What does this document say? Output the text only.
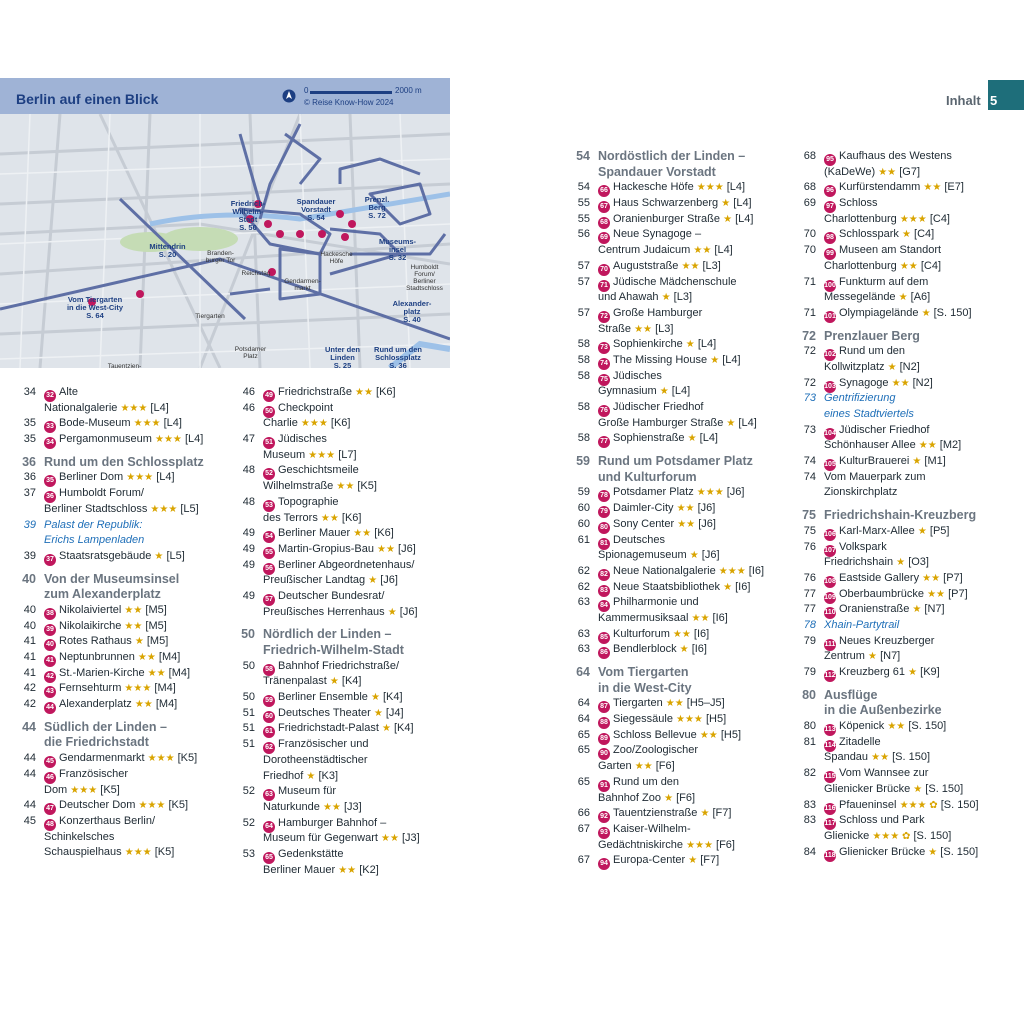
Inhalt 5
Berlin auf einen Blick
0	2000 m
© Reise Know-How 2024
Friedrich-
Wilhelm-
Stadt
S. 50
Spandauer
Vorstadt
S. 54
Prenzl.
Berg
S. 72
Mittendrin
S. 20
Museums-
insel
S. 32
Vom Tiergarten
in die West-City
S. 64
Alexander-
platz
S. 40
Unter den
Linden
S. 25
Rund um den
Schlossplatz
S. 36

Branden-
burger Tor
Reichstag
Gendarmen-
markt
Hackesche
Höfe
Humboldt
Forum/
Berliner
Stadtschloss
Tiergarten
Potsdamer
Platz
Tauentzien-

34 32 Alte
Nationalgalerie ★★★ [L4]
35 33 Bode-Museum ★★★ [L4]
35 34 Pergamonmuseum ★★★ [L4]
36 Rund um den Schlossplatz
36 35 Berliner Dom ★★★ [L4]
37 36 Humboldt Forum/
Berliner Stadtschloss ★★★ [L5]
39 Palast der Republik:
Erichs Lampenladen
39 37 Staatsratsgebäude ★ [L5]
40 Von der Museumsinsel
zum Alexanderplatz
40 38 Nikolaiviertel ★★ [M5]
40 39 Nikolaikirche ★★ [M5]
41 40 Rotes Rathaus ★ [M5]
41 41 Neptunbrunnen ★★ [M4]
41 42 St.-Marien-Kirche ★★ [M4]
42 43 Fernsehturm ★★★ [M4]
42 44 Alexanderplatz ★★ [M4]
44 Südlich der Linden –
die Friedrichstadt
44 45 Gendarmenmarkt ★★★ [K5]
44 46 Französischer
Dom ★★★ [K5]
44 47 Deutscher Dom ★★★ [K5]
45 48 Konzerthaus Berlin/
Schinkelsches
Schauspielhaus ★★★ [K5]
46 49 Friedrichstraße ★★ [K6]
46 50 Checkpoint
Charlie ★★★ [K6]
47 51 Jüdisches
Museum ★★★ [L7]
48 52 Geschichtsmeile
Wilhelmstraße ★★ [K5]
48 53 Topographie
des Terrors ★★ [K6]
49 54 Berliner Mauer ★★ [K6]
49 55 Martin-Gropius-Bau ★★ [J6]
49 56 Berliner Abgeordnetenhaus/
Preußischer Landtag ★ [J6]
49 57 Deutscher Bundesrat/
Preußisches Herrenhaus ★ [J6]
50 Nördlich der Linden –
Friedrich-Wilhelm-Stadt
50 58 Bahnhof Friedrichstraße/
Tränenpalast ★ [K4]
50 59 Berliner Ensemble ★ [K4]
51 60 Deutsches Theater ★ [J4]
51 61 Friedrichstadt-Palast ★ [K4]
51 62 Französischer und
Dorotheenstädtischer
Friedhof ★ [K3]
52 63 Museum für
Naturkunde ★★ [J3]
52 64 Hamburger Bahnhof –
Museum für Gegenwart ★★ [J3]
53 65 Gedenkstätte
Berliner Mauer ★★ [K2]
54 Nordöstlich der Linden –
Spandauer Vorstadt
54 66 Hackesche Höfe ★★★ [L4]
55 67 Haus Schwarzenberg ★ [L4]
55 68 Oranienburger Straße ★ [L4]
56 69 Neue Synagoge –
Centrum Judaicum ★★ [L4]
57 70 Auguststraße ★★ [L3]
57 71 Jüdische Mädchenschule
und Ahawah ★ [L3]
57 72 Große Hamburger
Straße ★★ [L3]
58 73 Sophienkirche ★ [L4]
58 74 The Missing House ★ [L4]
58 75 Jüdisches
Gymnasium ★ [L4]
58 76 Jüdischer Friedhof
Große Hamburger Straße ★ [L4]
58 77 Sophienstraße ★ [L4]
59 Rund um Potsdamer Platz
und Kulturforum
59 78 Potsdamer Platz ★★★ [J6]
60 79 Daimler-City ★★ [J6]
60 80 Sony Center ★★ [J6]
61 81 Deutsches
Spionagemuseum ★ [J6]
62 82 Neue Nationalgalerie ★★★ [I6]
62 83 Neue Staatsbibliothek ★ [I6]
63 84 Philharmonie und
Kammermusiksaal ★★ [I6]
63 85 Kulturforum ★★ [I6]
63 86 Bendlerblock ★ [I6]
64 Vom Tiergarten
in die West-City
64 87 Tiergarten ★★ [H5–J5]
64 88 Siegessäule ★★★ [H5]
65 89 Schloss Bellevue ★★ [H5]
65 90 Zoo/Zoologischer
Garten ★★ [F6]
65 91 Rund um den
Bahnhof Zoo ★ [F6]
66 92 Tauentzienstraße ★ [F7]
67 93 Kaiser-Wilhelm-
Gedächtniskirche ★★★ [F6]
67 94 Europa-Center ★ [F7]
68 95 Kaufhaus des Westens
(KaDeWe) ★★ [G7]
68 96 Kurfürstendamm ★★ [E7]
69 97 Schloss
Charlottenburg ★★★ [C4]
70 98 Schlosspark ★ [C4]
70 99 Museen am Standort
Charlottenburg ★★ [C4]
71 100 Funkturm auf dem
Messegelände ★ [A6]
71 101 Olympiagelände ★ [S. 150]
72 Prenzlauer Berg
72 102 Rund um den
Kollwitzplatz ★ [N2]
72 103 Synagoge ★★ [N2]
73 Gentrifizierung
eines Stadtviertels
73 104 Jüdischer Friedhof
Schönhauser Allee ★★ [M2]
74 105 KulturBrauerei ★ [M1]
74 Vom Mauerpark zum
Zionskirchplatz
75 Friedrichshain-Kreuzberg
75 106 Karl-Marx-Allee ★ [P5]
76 107 Volkspark
Friedrichshain ★ [O3]
76 108 Eastside Gallery ★★ [P7]
77 109 Oberbaumbrücke ★★ [P7]
77 110 Oranienstraße ★ [N7]
78 Xhain-Partytrail
79 111 Neues Kreuzberger
Zentrum ★ [N7]
79 112 Kreuzberg 61 ★ [K9]
80 Ausflüge
in die Außenbezirke
80 113 Köpenick ★★ [S. 150]
81 114 Zitadelle
Spandau ★★ [S. 150]
82 115 Vom Wannsee zur
Glienicker Brücke ★ [S. 150]
83 116 Pfaueninsel ★★★ ✿ [S. 150]
83 117 Schloss und Park
Glienicke ★★★ ✿ [S. 150]
84 118 Glienicker Brücke ★ [S. 150]
